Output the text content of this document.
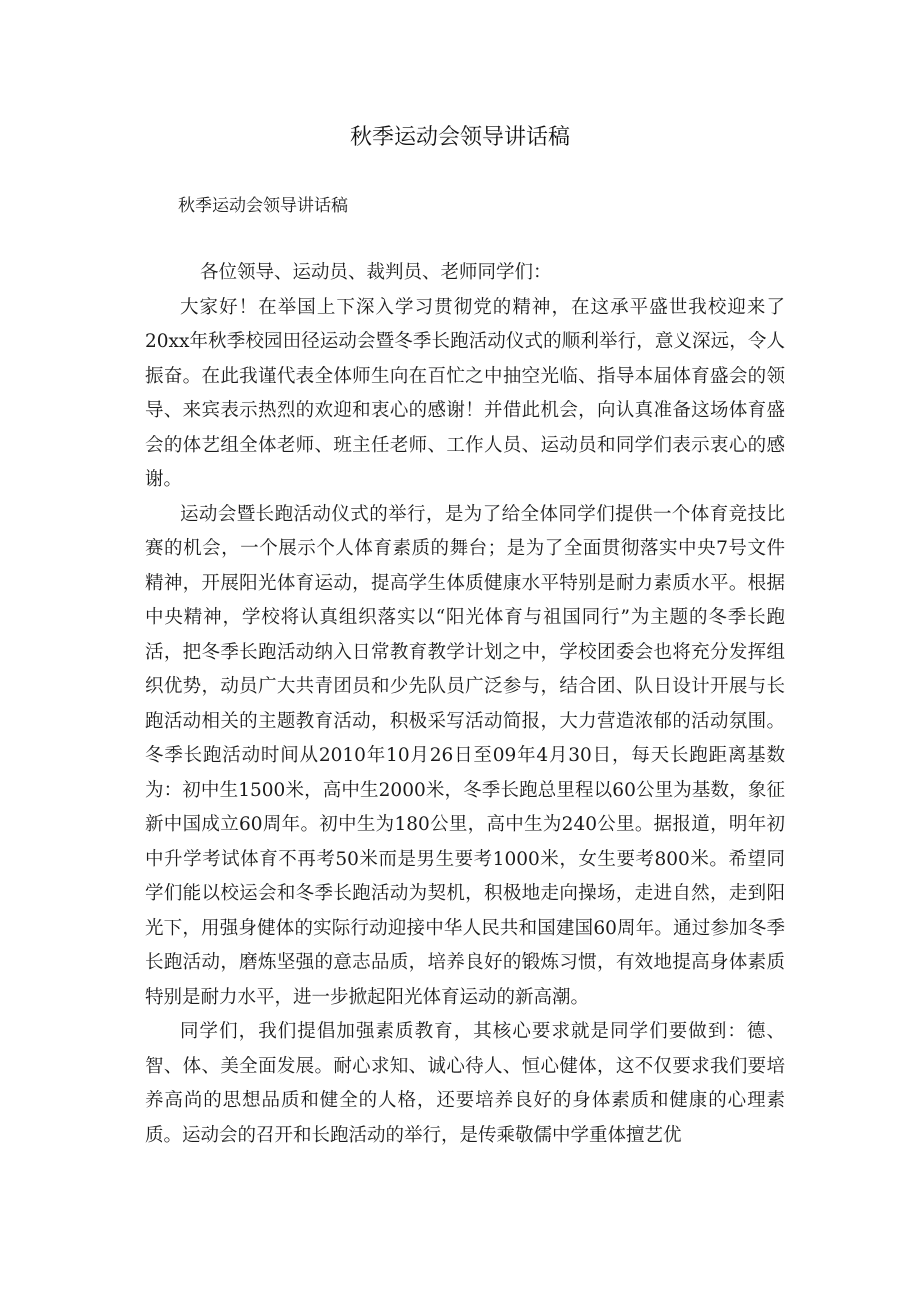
秋季运动会领导讲话稿
秋季运动会领导讲话稿

各位领导、运动员、裁判员、老师同学们：

大家好！在举国上下深入学习贯彻党的精神，在这承平盛世我校迎来了20xx年秋季校园田径运动会暨冬季长跑活动仪式的顺利举行，意义深远，令人振奋。在此我谨代表全体师生向在百忙之中抽空光临、指导本届体育盛会的领导、来宾表示热烈的欢迎和衷心的感谢！并借此机会，向认真准备这场体育盛会的体艺组全体老师、班主任老师、工作人员、运动员和同学们表示衷心的感谢。

运动会暨长跑活动仪式的举行，是为了给全体同学们提供一个体育竞技比赛的机会，一个展示个人体育素质的舞台；是为了全面贯彻落实中央7号文件精神，开展阳光体育运动，提高学生体质健康水平特别是耐力素质水平。根据中央精神，学校将认真组织落实以“阳光体育与祖国同行”为主题的冬季长跑活，把冬季长跑活动纳入日常教育教学计划之中，学校团委会也将充分发挥组织优势，动员广大共青团员和少先队员广泛参与，结合团、队日设计开展与长跑活动相关的主题教育活动，积极采写活动简报，大力营造浓郁的活动氛围。冬季长跑活动时间从2010年10月26日至09年4月30日，每天长跑距离基数为：初中生1500米，高中生2000米，冬季长跑总里程以60公里为基数，象征新中国成立60周年。初中生为180公里，高中生为240公里。据报道，明年初中升学考试体育不再考50米而是男生要考1000米，女生要考800米。希望同学们能以校运会和冬季长跑活动为契机，积极地走向操场，走进自然，走到阳光下，用强身健体的实际行动迎接中华人民共和国建国60周年。通过参加冬季长跑活动，磨炼坚强的意志品质，培养良好的锻炼习惯，有效地提高身体素质特别是耐力水平，进一步掀起阳光体育运动的新高潮。

同学们，我们提倡加强素质教育，其核心要求就是同学们要做到：德、智、体、美全面发展。耐心求知、诚心待人、恒心健体，这不仅要求我们要培养高尚的思想品质和健全的人格，还要培养良好的身体素质和健康的心理素质。运动会的召开和长跑活动的举行，是传乘敬儒中学重体擅艺优
